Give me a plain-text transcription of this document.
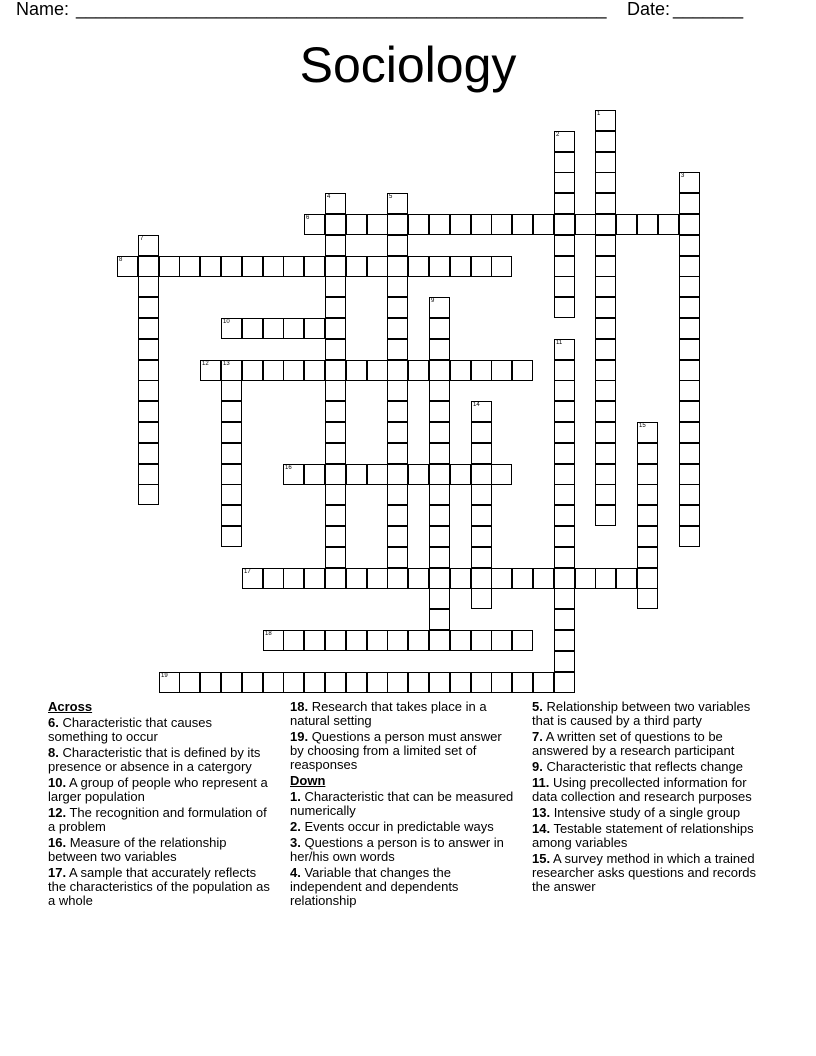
Name: _____________________________________________________ Date: _______
Sociology
6
8
10
12 13
16
17
18
19
1
2
3
4	5
7
9
11
14
15
Across

6. Characteristic that causes something to occur

8. Characteristic that is defined by its presence or absence in a catergory

10. A group of people who represent a larger population

12. The recognition and formulation of a problem

16. Measure of the relationship between two variables

17. A sample that accurately reflects the characteristics of the population as a whole

18. Research that takes place in a natural setting

19. Questions a person must answer by choosing from a limited set of reasponses

Down

1. Characteristic that can be measured numerically

2. Events occur in predictable ways

3. Questions a person is to answer in her/his own words

4. Variable that changes the independent and dependents relationship

5. Relationship between two variables that is caused by a third party

7. A written set of questions to be answered by a research participant

9. Characteristic that reflects change

11. Using precollected information for data collection and research purposes

13. Intensive study of a single group

14. Testable statement of relationships among variables

15. A survey method in which a trained researcher asks questions and records the answer
